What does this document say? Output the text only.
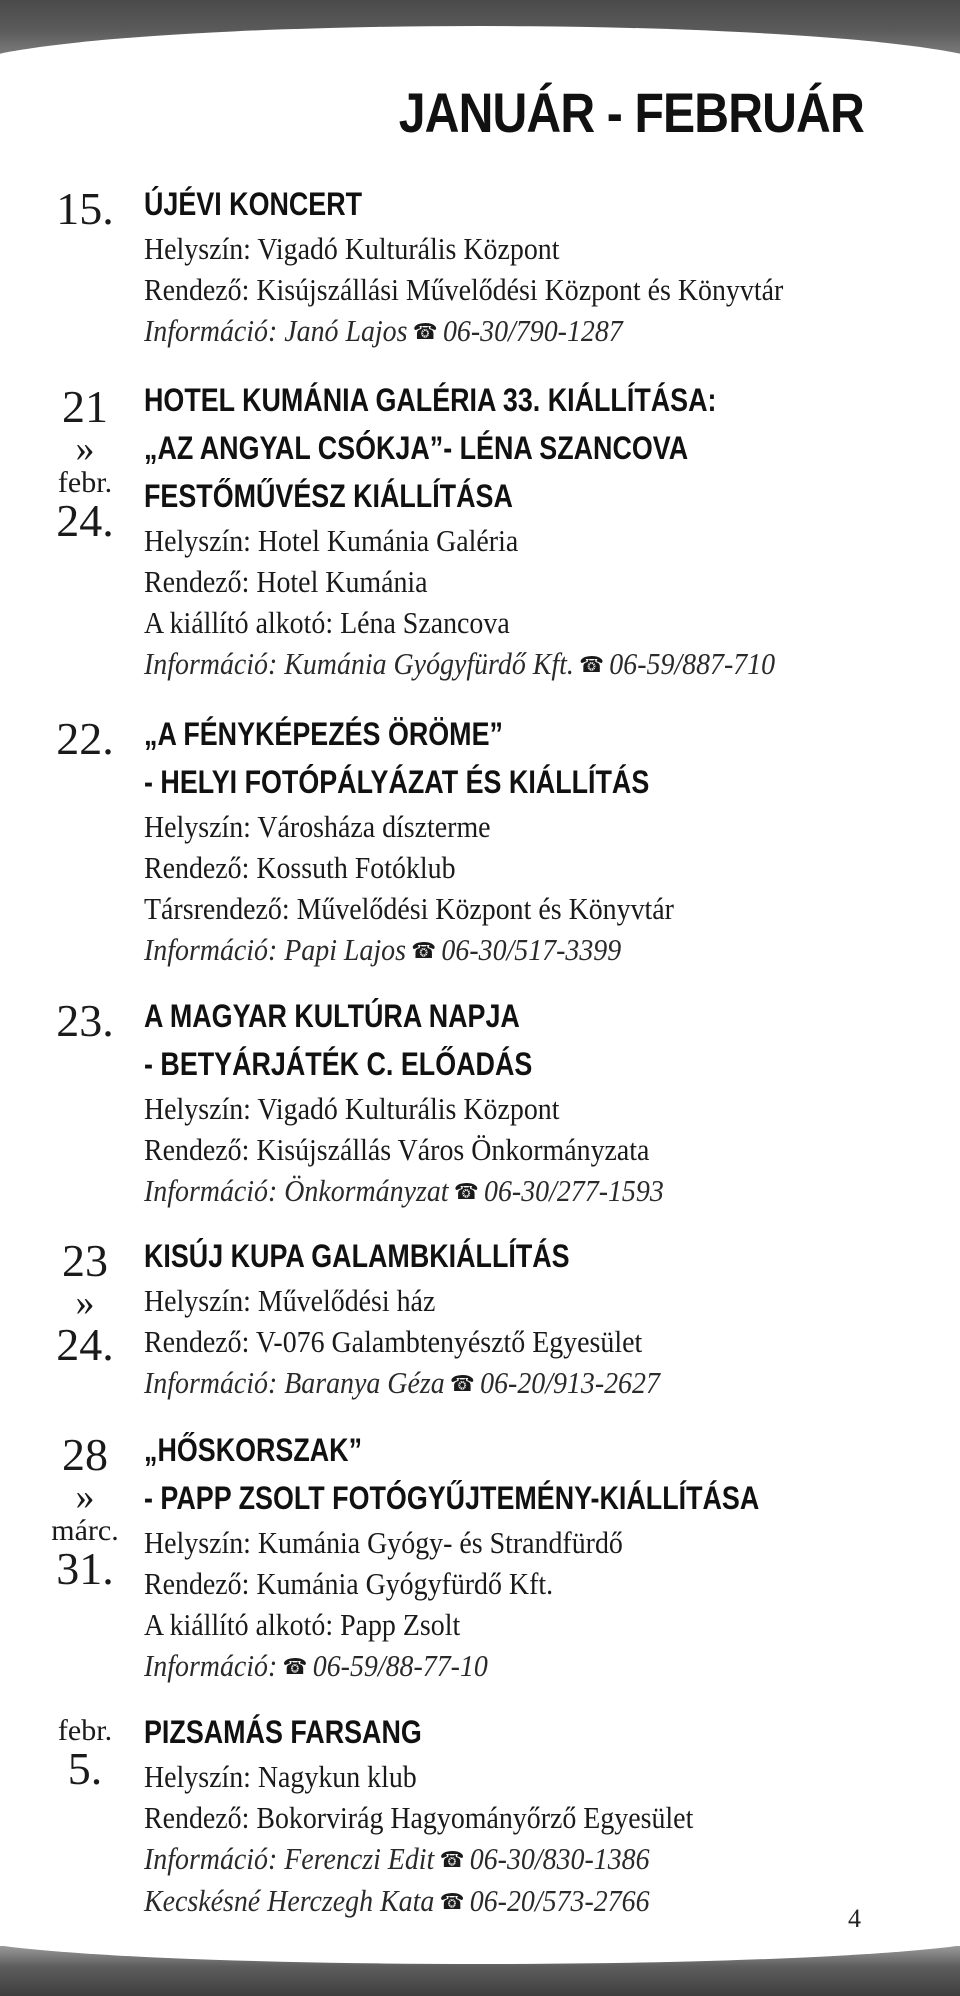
JANUÁR - FEBRUÁR
15. ÚJÉVI KONCERT
Helyszín: Vigadó Kulturális Központ
Rendező: Kisújszállási Művelődési Központ és Könyvtár
Információ: Janó Lajos ☎ 06-30/790-1287
21
»
febr.
24.
HOTEL KUMÁNIA GALÉRIA 33. KIÁLLÍTÁSA:
„AZ ANGYAL CSÓKJA”- LÉNA SZANCOVA
FESTŐMŰVÉSZ KIÁLLÍTÁSA
Helyszín: Hotel Kumánia Galéria
Rendező: Hotel Kumánia
A kiállító alkotó: Léna Szancova
Információ: Kumánia Gyógyfürdő Kft. ☎ 06-59/887-710
22. „A FÉNYKÉPEZÉS ÖRÖME”
- HELYI FOTÓPÁLYÁZAT ÉS KIÁLLÍTÁS
Helyszín: Városháza díszterme
Rendező: Kossuth Fotóklub
Társrendező: Művelődési Központ és Könyvtár
Információ: Papi Lajos ☎ 06-30/517-3399
23. A MAGYAR KULTÚRA NAPJA
- BETYÁRJÁTÉK C. ELŐADÁS
Helyszín: Vigadó Kulturális Központ
Rendező: Kisújszállás Város Önkormányzata
Információ: Önkormányzat ☎ 06-30/277-1593
23
»
24.
KISÚJ KUPA GALAMBKIÁLLÍTÁS
Helyszín: Művelődési ház
Rendező: V-076 Galambtenyésztő Egyesület
Információ: Baranya Géza ☎ 06-20/913-2627
28
»
márc.
31.
„HŐSKORSZAK”
- PAPP ZSOLT FOTÓGYŰJTEMÉNY-KIÁLLÍTÁSA
Helyszín: Kumánia Gyógy- és Strandfürdő
Rendező: Kumánia Gyógyfürdő Kft.
A kiállító alkotó: Papp Zsolt
Információ: ☎ 06-59/88-77-10
febr.
5.
PIZSAMÁS FARSANG
Helyszín: Nagykun klub
Rendező: Bokorvirág Hagyományőrző Egyesület
Információ: Ferenczi Edit ☎ 06-30/830-1386
Kecskésné Herczegh Kata ☎ 06-20/573-2766
4
